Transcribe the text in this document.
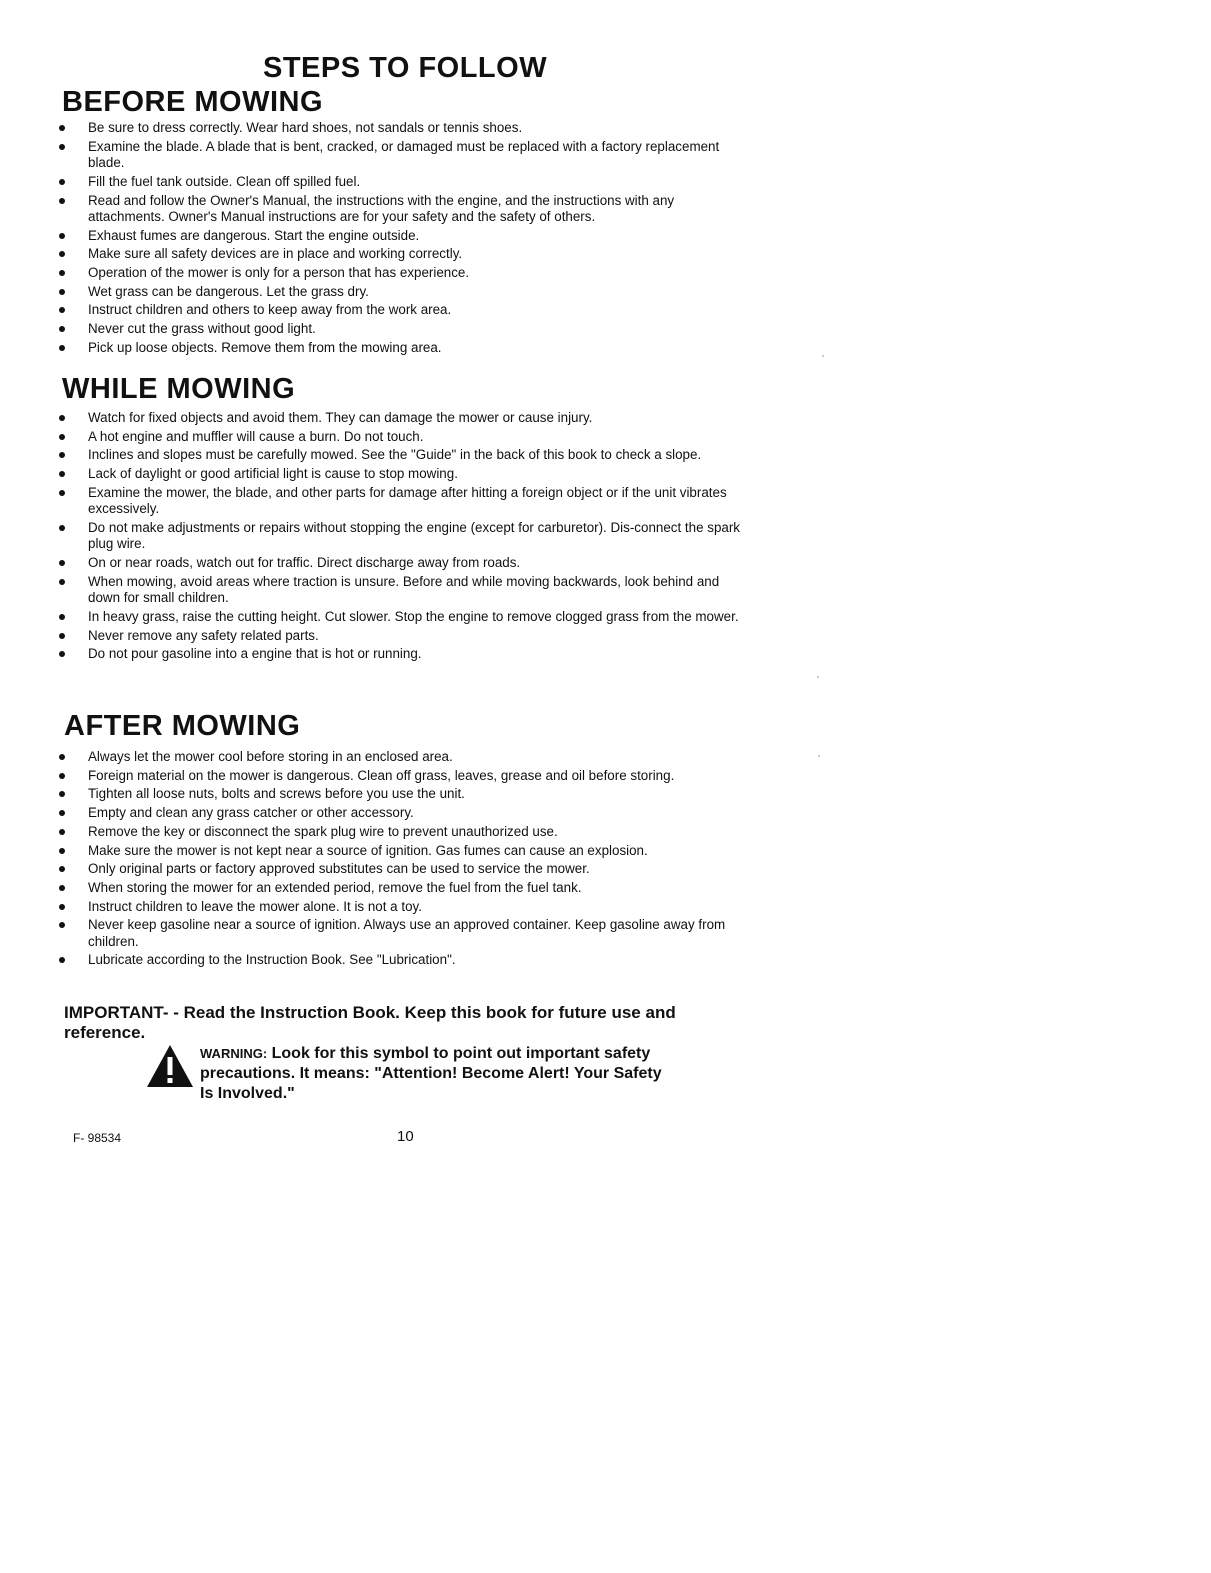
STEPS TO FOLLOW
BEFORE MOWING
Be sure to dress correctly. Wear hard shoes, not sandals or tennis shoes.
Examine the blade. A blade that is bent, cracked, or damaged must be replaced with a factory replacement blade.
Fill the fuel tank outside. Clean off spilled fuel.
Read and follow the Owner's Manual, the instructions with the engine, and the instructions with any attachments. Owner's Manual instructions are for your safety and the safety of others.
Exhaust fumes are dangerous. Start the engine outside.
Make sure all safety devices are in place and working correctly.
Operation of the mower is only for a person that has experience.
Wet grass can be dangerous. Let the grass dry.
Instruct children and others to keep away from the work area.
Never cut the grass without good light.
Pick up loose objects. Remove them from the mowing area.
WHILE MOWING
Watch for fixed objects and avoid them. They can damage the mower or cause injury.
A hot engine and muffler will cause a burn. Do not touch.
Inclines and slopes must be carefully mowed. See the "Guide" in the back of this book to check a slope.
Lack of daylight or good artificial light is cause to stop mowing.
Examine the mower, the blade, and other parts for damage after hitting a foreign object or if the unit vibrates excessively.
Do not make adjustments or repairs without stopping the engine (except for carburetor). Dis-connect the spark plug wire.
On or near roads, watch out for traffic. Direct discharge away from roads.
When mowing, avoid areas where traction is unsure. Before and while moving backwards, look behind and down for small children.
In heavy grass, raise the cutting height. Cut slower. Stop the engine to remove clogged grass from the mower.
Never remove any safety related parts.
Do not pour gasoline into a engine that is hot or running.
AFTER MOWING
Always let the mower cool before storing in an enclosed area.
Foreign material on the mower is dangerous. Clean off grass, leaves, grease and oil before storing.
Tighten all loose nuts, bolts and screws before you use the unit.
Empty and clean any grass catcher or other accessory.
Remove the key or disconnect the spark plug wire to prevent unauthorized use.
Make sure the mower is not kept near a source of ignition. Gas fumes can cause an explosion.
Only original parts or factory approved substitutes can be used to service the mower.
When storing the mower for an extended period, remove the fuel from the fuel tank.
Instruct children to leave the mower alone. It is not a toy.
Never keep gasoline near a source of ignition. Always use an approved container. Keep gasoline away from children.
Lubricate according to the Instruction Book. See "Lubrication".

IMPORTANT- - Read the Instruction Book. Keep this book for future use and reference.

WARNING: Look for this symbol to point out important safety precautions. It means: "Attention! Become Alert! Your Safety Is Involved."

F- 98534	10
